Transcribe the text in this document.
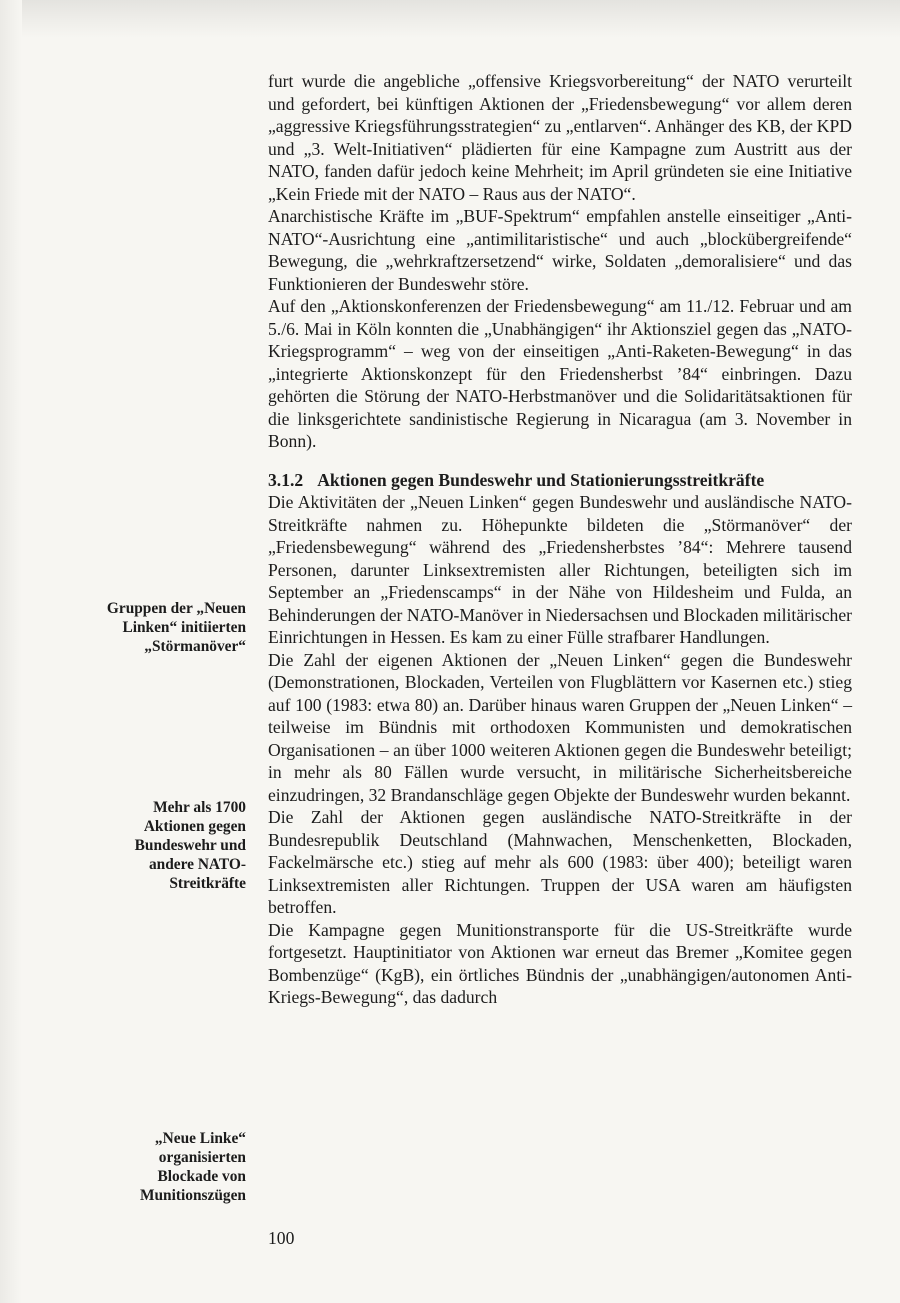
furt wurde die angebliche „offensive Kriegsvorbereitung“ der NATO verurteilt und gefordert, bei künftigen Aktionen der „Friedensbewegung“ vor allem deren „aggressive Kriegsführungsstrategien“ zu „entlarven“. Anhänger des KB, der KPD und „3. Welt-Initiativen“ plädierten für eine Kampagne zum Austritt aus der NATO, fanden dafür jedoch keine Mehrheit; im April gründeten sie eine Initiative „Kein Friede mit der NATO – Raus aus der NATO“.

Anarchistische Kräfte im „BUF-Spektrum“ empfahlen anstelle einseitiger „Anti-NATO“-Ausrichtung eine „antimilitaristische“ und auch „blockübergreifende“ Bewegung, die „wehrkraftzersetzend“ wirke, Soldaten „demoralisiere“ und das Funktionieren der Bundeswehr störe.

Auf den „Aktionskonferenzen der Friedensbewegung“ am 11./12. Februar und am 5./6. Mai in Köln konnten die „Unabhängigen“ ihr Aktionsziel gegen das „NATO-Kriegsprogramm“ – weg von der einseitigen „Anti-Raketen-Bewegung“ in das „integrierte Aktionskonzept für den Friedensherbst ’84“ einbringen. Dazu gehörten die Störung der NATO-Herbstmanöver und die Solidaritätsaktionen für die linksgerichtete sandinistische Regierung in Nicaragua (am 3. November in Bonn).

3.1.2 Aktionen gegen Bundeswehr und Stationierungsstreitkräfte

Die Aktivitäten der „Neuen Linken“ gegen Bundeswehr und ausländische NATO-Streitkräfte nahmen zu. Höhepunkte bildeten die „Störmanöver“ der „Friedensbewegung“ während des „Friedensherbstes ’84“: Mehrere tausend Personen, darunter Linksextremisten aller Richtungen, beteiligten sich im September an „Friedenscamps“ in der Nähe von Hildesheim und Fulda, an Behinderungen der NATO-Manöver in Niedersachsen und Blockaden militärischer Einrichtungen in Hessen. Es kam zu einer Fülle strafbarer Handlungen.

Die Zahl der eigenen Aktionen der „Neuen Linken“ gegen die Bundeswehr (Demonstrationen, Blockaden, Verteilen von Flugblättern vor Kasernen etc.) stieg auf 100 (1983: etwa 80) an. Darüber hinaus waren Gruppen der „Neuen Linken“ – teilweise im Bündnis mit orthodoxen Kommunisten und demokratischen Organisationen – an über 1000 weiteren Aktionen gegen die Bundeswehr beteiligt; in mehr als 80 Fällen wurde versucht, in militärische Sicherheitsbereiche einzudringen, 32 Brandanschläge gegen Objekte der Bundeswehr wurden bekannt.

Die Zahl der Aktionen gegen ausländische NATO-Streitkräfte in der Bundesrepublik Deutschland (Mahnwachen, Menschenketten, Blockaden, Fackelmärsche etc.) stieg auf mehr als 600 (1983: über 400); beteiligt waren Linksextremisten aller Richtungen. Truppen der USA waren am häufigsten betroffen.

Die Kampagne gegen Munitionstransporte für die US-Streitkräfte wurde fortgesetzt. Hauptinitiator von Aktionen war erneut das Bremer „Komitee gegen Bombenzüge“ (KgB), ein örtliches Bündnis der „unabhängigen/autonomen Anti-Kriegs-Bewegung“, das dadurch

Gruppen der „Neuen Linken“ initiierten „Störmanöver“
Mehr als 1700 Aktionen gegen Bundeswehr und andere NATO-Streitkräfte
„Neue Linke“ organisierten Blockade von Munitionszügen
100
